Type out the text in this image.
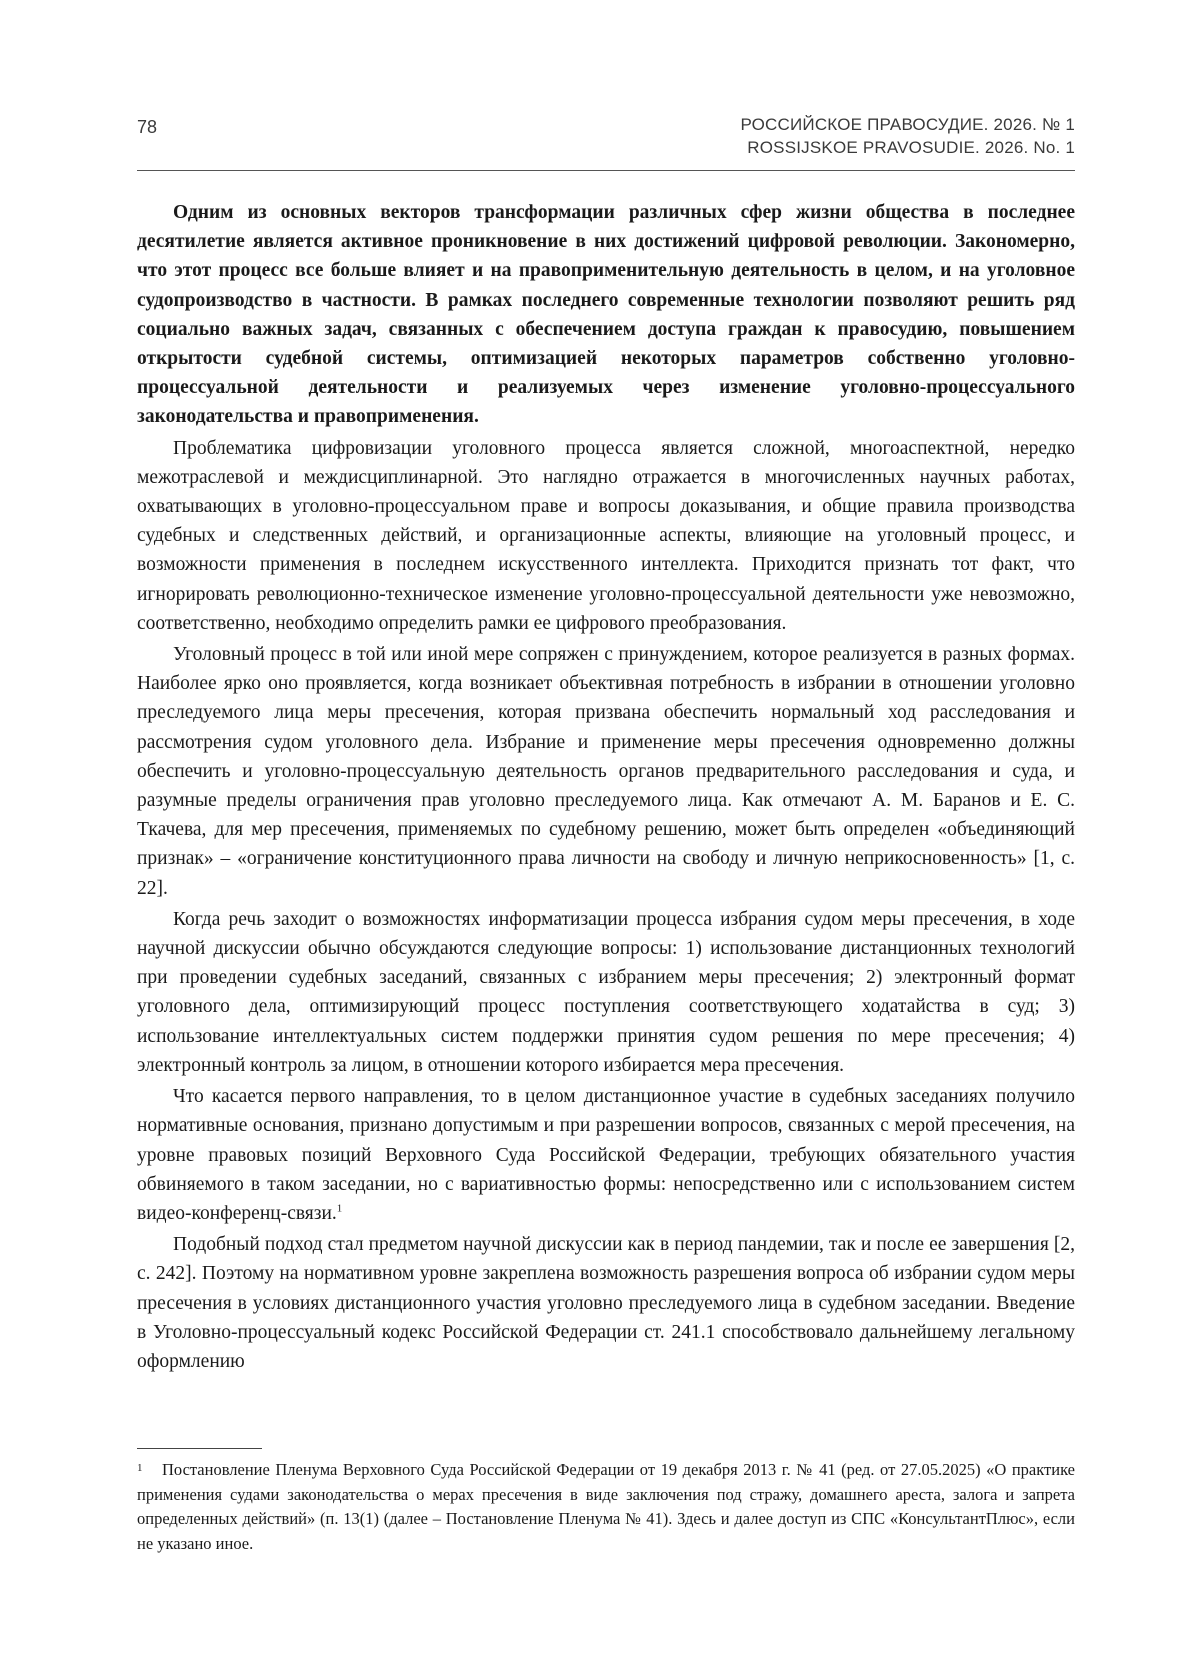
78	РОССИЙСКОЕ ПРАВОСУДИЕ. 2026. № 1
ROSSIJSKOE PRAVOSUDIE. 2026. No. 1

Одним из основных векторов трансформации различных сфер жизни общества в последнее десятилетие является активное проникновение в них достижений цифровой революции. Закономерно, что этот процесс все больше влияет и на правоприменительную деятельность в целом, и на уголовное судопроизводство в частности. В рамках последнего современные технологии позволяют решить ряд социально важных задач, связанных с обеспечением доступа граждан к правосудию, повышением открытости судебной системы, оптимизацией некоторых параметров собственно уголовно-процессуальной деятельности и реализуемых через изменение уголовно-процессуального законодательства и правоприменения.

Проблематика цифровизации уголовного процесса является сложной, многоаспектной, нередко межотраслевой и междисциплинарной. Это наглядно отражается в многочисленных научных работах, охватывающих в уголовно-процессуальном праве и вопросы доказывания, и общие правила производства судебных и следственных действий, и организационные аспекты, влияющие на уголовный процесс, и возможности применения в последнем искусственного интеллекта. Приходится признать тот факт, что игнорировать революционно-техническое изменение уголовно-процессуальной деятельности уже невозможно, соответственно, необходимо определить рамки ее цифрового преобразования.

Уголовный процесс в той или иной мере сопряжен с принуждением, которое реализуется в разных формах. Наиболее ярко оно проявляется, когда возникает объективная потребность в избрании в отношении уголовно преследуемого лица меры пресечения, которая призвана обеспечить нормальный ход расследования и рассмотрения судом уголовного дела. Избрание и применение меры пресечения одновременно должны обеспечить и уголовно-процессуальную деятельность органов предварительного расследования и суда, и разумные пределы ограничения прав уголовно преследуемого лица. Как отмечают А. М. Баранов и Е. С. Ткачева, для мер пресечения, применяемых по судебному решению, может быть определен «объединяющий признак» – «ограничение конституционного права личности на свободу и личную неприкосновенность» [1, с. 22].

Когда речь заходит о возможностях информатизации процесса избрания судом меры пресечения, в ходе научной дискуссии обычно обсуждаются следующие вопросы: 1) использование дистанционных технологий при проведении судебных заседаний, связанных с избранием меры пресечения; 2) электронный формат уголовного дела, оптимизирующий процесс поступления соответствующего ходатайства в суд; 3) использование интеллектуальных систем поддержки принятия судом решения по мере пресечения; 4) электронный контроль за лицом, в отношении которого избирается мера пресечения.

Что касается первого направления, то в целом дистанционное участие в судебных заседаниях получило нормативные основания, признано допустимым и при разрешении вопросов, связанных с мерой пресечения, на уровне правовых позиций Верховного Суда Российской Федерации, требующих обязательного участия обвиняемого в таком заседании, но с вариативностью формы: непосредственно или с использованием систем видео-конференц-связи.$^1$

Подобный подход стал предметом научной дискуссии как в период пандемии, так и после ее завершения [2, с. 242]. Поэтому на нормативном уровне закреплена возможность разрешения вопроса об избрании судом меры пресечения в условиях дистанционного участия уголовно преследуемого лица в судебном заседании. Введение в Уголовно-процессуальный кодекс Российской Федерации ст. 241.1 способствовало дальнейшему легальному оформлению

1 Постановление Пленума Верховного Суда Российской Федерации от 19 декабря 2013 г. № 41 (ред. от 27.05.2025) «О практике применения судами законодательства о мерах пресечения в виде заключения под стражу, домашнего ареста, залога и запрета определенных действий» (п. 13(1) (далее – Постановление Пленума № 41). Здесь и далее доступ из СПС «КонсультантПлюс», если не указано иное.
